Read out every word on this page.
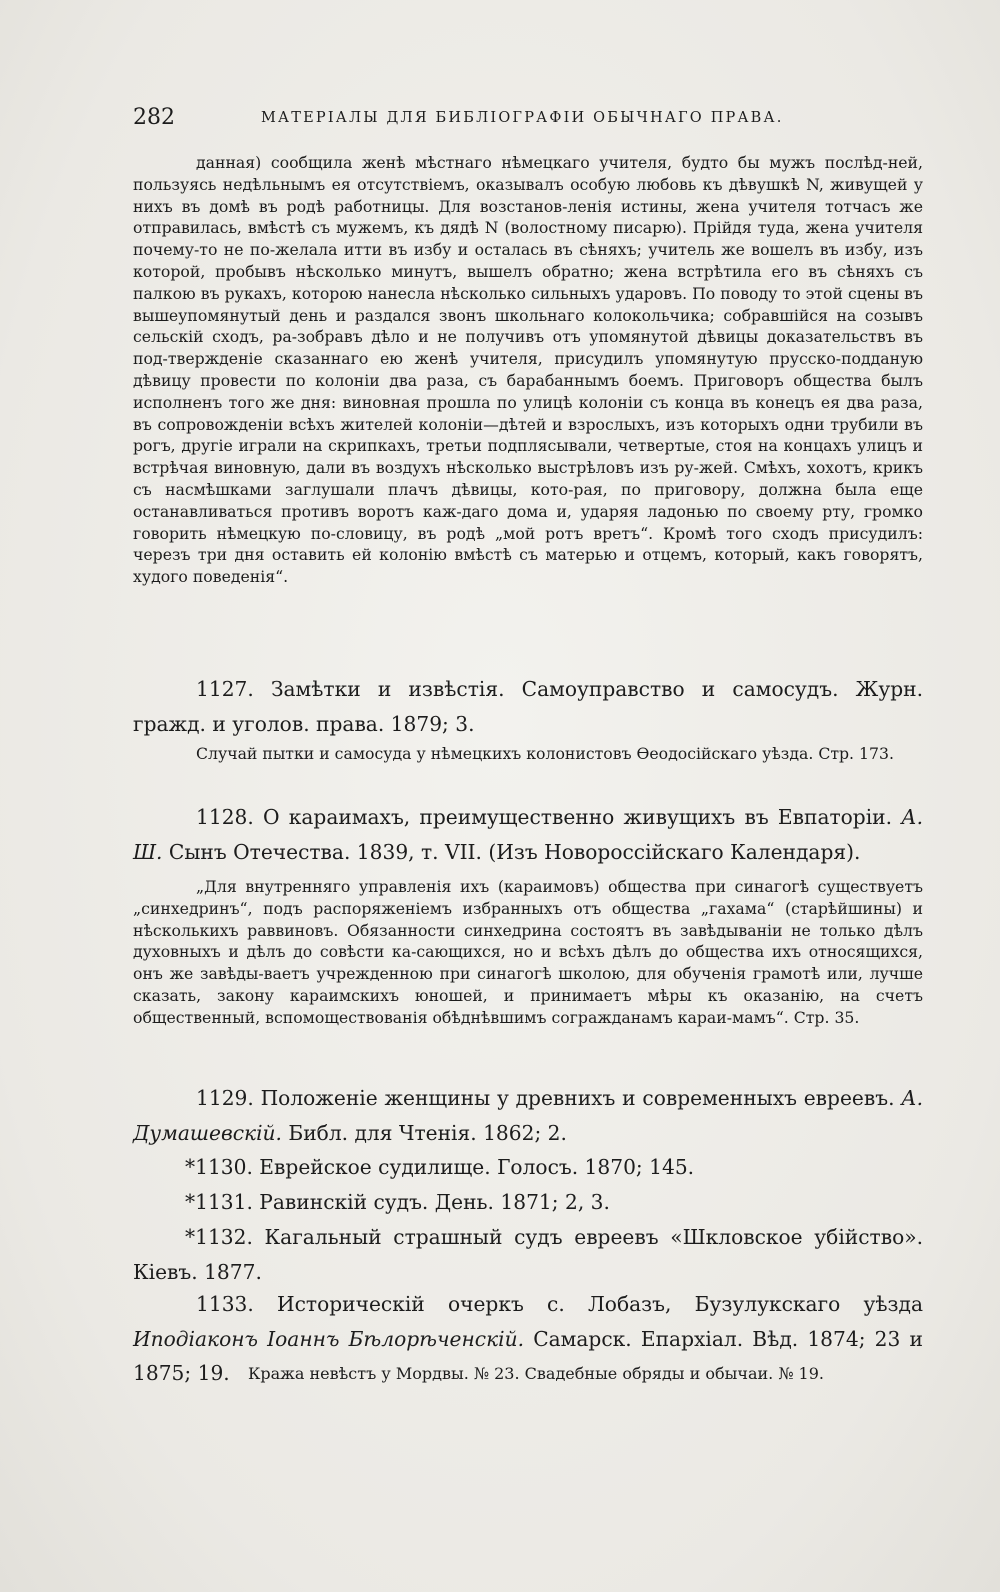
282	МАТЕРІАЛЫ ДЛЯ БИБЛІОГРАФІИ ОБЫЧНАГО ПРАВА.

данная) сообщила женѣ мѣстнаго нѣмецкаго учителя, будто бы мужъ послѣд-ней, пользуясь недѣльнымъ ея отсутствіемъ, оказывалъ особую любовь къ дѣвушкѣ N, живущей у нихъ въ домѣ въ родѣ работницы. Для возстанов-ленія истины, жена учителя тотчасъ же отправилась, вмѣстѣ съ мужемъ, къ дядѣ N (волостному писарю). Прійдя туда, жена учителя почему-то не по-желала итти въ избу и осталась въ сѣняхъ; учитель же вошелъ въ избу, изъ которой, пробывъ нѣсколько минутъ, вышелъ обратно; жена встрѣтила его въ сѣняхъ съ палкою въ рукахъ, которою нанесла нѣсколько сильныхъ ударовъ. По поводу то этой сцены въ вышеупомянутый день и раздался звонъ школьнаго колокольчика; собравшійся на созывъ сельскій сходъ, ра-зобравъ дѣло и не получивъ отъ упомянутой дѣвицы доказательствъ въ под-твержденіе сказаннаго ею женѣ учителя, присудилъ упомянутую прусско-подданую дѣвицу провести по колоніи два раза, съ барабаннымъ боемъ. Приговоръ общества былъ исполненъ того же дня: виновная прошла по улицѣ колоніи съ конца въ конецъ ея два раза, въ сопровожденіи всѣхъ жителей колоніи—дѣтей и взрослыхъ, изъ которыхъ одни трубили въ рогъ, другіе играли на скрипкахъ, третьи подплясывали, четвертые, стоя на концахъ улицъ и встрѣчая виновную, дали въ воздухъ нѣсколько выстрѣловъ изъ ру-жей. Смѣхъ, хохотъ, крикъ съ насмѣшками заглушали плачъ дѣвицы, кото-рая, по приговору, должна была еще останавливаться противъ воротъ каж-даго дома и, ударяя ладонью по своему рту, громко говорить нѣмецкую по-словицу, въ родѣ „мой ротъ вретъ“. Кромѣ того сходъ присудилъ: черезъ три дня оставить ей колонію вмѣстѣ съ матерью и отцемъ, который, какъ говорятъ, худого поведенія“.

1127. Замѣтки и извѣстія. Самоуправство и самосудъ. Журн. гражд. и уголов. права. 1879; 3.

Случай пытки и самосуда у нѣмецкихъ колонистовъ Ѳеодосійскаго уѣзда. Стр. 173.

1128. О караимахъ, преимущественно живущихъ въ Евпаторіи. А. Ш. Сынъ Отечества. 1839, т. VII. (Изъ Новороссійскаго Календаря).

„Для внутренняго управленія ихъ (караимовъ) общества при синагогѣ существуетъ „синхедринъ“, подъ распоряженіемъ избранныхъ отъ общества „гахама“ (старѣйшины) и нѣсколькихъ раввиновъ. Обязанности синхедрина состоятъ въ завѣдываніи не только дѣлъ духовныхъ и дѣлъ до совѣсти ка-сающихся, но и всѣхъ дѣлъ до общества ихъ относящихся, онъ же завѣды-ваетъ учрежденною при синагогѣ школою, для обученія грамотѣ или, лучше сказать, закону караимскихъ юношей, и принимаетъ мѣры къ оказанію, на счетъ общественный, вспомоществованія обѣднѣвшимъ согражданамъ караи-мамъ“. Стр. 35.

1129. Положеніе женщины у древнихъ и современныхъ евреевъ. А. Думашевскій. Библ. для Чтенія. 1862; 2.

*1130. Еврейское судилище. Голосъ. 1870; 145.

*1131. Равинскій судъ. День. 1871; 2, 3.

*1132. Кагальный страшный судъ евреевъ «Шкловское убійство». Кіевъ. 1877.

1133. Историческій очеркъ с. Лобазъ, Бузулукскаго уѣзда Иподіаконъ Іоаннъ Бѣлорѣченскій. Самарск. Епархіал. Вѣд. 1874; 23 и 1875; 19.	Кража невѣстъ у Мордвы. № 23. Свадебные обряды и обычаи. № 19.
